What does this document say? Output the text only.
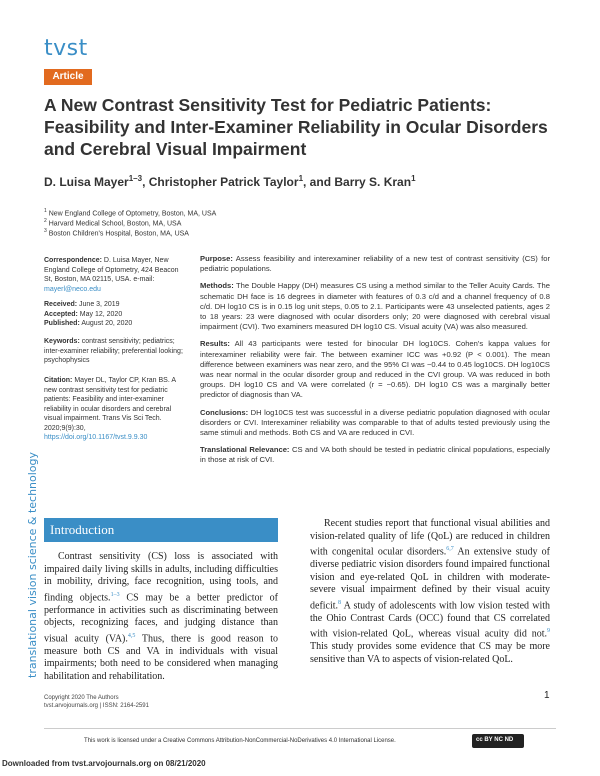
tvst
Article
A New Contrast Sensitivity Test for Pediatric Patients: Feasibility and Inter-Examiner Reliability in Ocular Disorders and Cerebral Visual Impairment
D. Luisa Mayer$^{1-3}$, Christopher Patrick Taylor$^1$, and Barry S. Kran$^1$
$^1$ New England College of Optometry, Boston, MA, USA
$^2$ Harvard Medical School, Boston, MA, USA
$^3$ Boston Children's Hospital, Boston, MA, USA
Correspondence: D. Luisa Mayer, New England College of Optometry, 424 Beacon St, Boston, MA 02115, USA. e-mail: mayerl@neco.edu
Received: June 3, 2019
Accepted: May 12, 2020
Published: August 20, 2020
Keywords: contrast sensitivity; pediatrics; inter-examiner reliability; preferential looking; psychophysics
Citation: Mayer DL, Taylor CP, Kran BS. A new contrast sensitivity test for pediatric patients: Feasibility and inter-examiner reliability in ocular disorders and cerebral visual impairment. Trans Vis Sci Tech. 2020;9(9):30, https://doi.org/10.1167/tvst.9.9.30

Purpose: Assess feasibility and interexaminer reliability of a new test of contrast sensitivity (CS) for pediatric populations.

Methods: The Double Happy (DH) measures CS using a method similar to the Teller Acuity Cards. The schematic DH face is 16 degrees in diameter with features of 0.3 c/d and a channel frequency of 0.8 c/d. DH log10 CS is in 0.15 log unit steps, 0.05 to 2.1. Participants were 43 unselected patients, ages 2 to 18 years: 23 were diagnosed with ocular disorders only; 20 were diagnosed with cerebral visual impairment (CVI). Two examiners measured DH log10 CS. Visual acuity (VA) was also measured.

Results: All 43 participants were tested for binocular DH log10CS. Cohen's kappa values for interexaminer reliability were fair. The between examiner ICC was +0.92 (P < 0.001). The mean difference between examiners was near zero, and the 95% CI was −0.44 to 0.45 log10CS. DH log10CS was near normal in the ocular disorder group and reduced in the CVI group. VA was reduced in both groups. DH log10 CS and VA were correlated (r = −0.65). DH log10 CS was a marginally better predictor of diagnosis than VA.

Conclusions: DH log10CS test was successful in a diverse pediatric population diagnosed with ocular disorders or CVI. Interexaminer reliability was comparable to that of adults tested previously using the same stimuli and methods. Both CS and VA are reduced in CVI.

Translational Relevance: CS and VA both should be tested in pediatric clinical populations, especially in those at risk of CVI.

translational vision science & technology Introduction
Contrast sensitivity (CS) loss is associated with impaired daily living skills in adults, including difficulties in mobility, driving, face recognition, using tools, and finding objects.$^{1-3}$ CS may be a better predictor of performance in activities such as discriminating between objects, recognizing faces, and judging distance than visual acuity (VA).$^{4,5}$ Thus, there is good reason to measure both CS and VA in individuals with visual impairments; both need to be considered when managing habilitation and rehabilitation.
Recent studies report that functional visual abilities and vision-related quality of life (QoL) are reduced in children with congenital ocular disorders.$^{6,7}$ An extensive study of diverse pediatric vision disorders found impaired functional vision and eye-related QoL in children with moderate-severe visual impairment defined by their visual acuity deficit.$^8$ A study of adolescents with low vision tested with the Ohio Contrast Cards (OCC) found that CS correlated with vision-related QoL, whereas visual acuity did not.$^9$ This study provides some evidence that CS may be more sensitive than VA to aspects of vision-related QoL.
Copyright 2020 The Authors
tvst.arvojournals.org | ISSN: 2164-2591
1
This work is licensed under a Creative Commons Attribution-NonCommercial-NoDerivatives 4.0 International License.	cc BY NC ND
Downloaded from tvst.arvojournals.org on 08/21/2020
